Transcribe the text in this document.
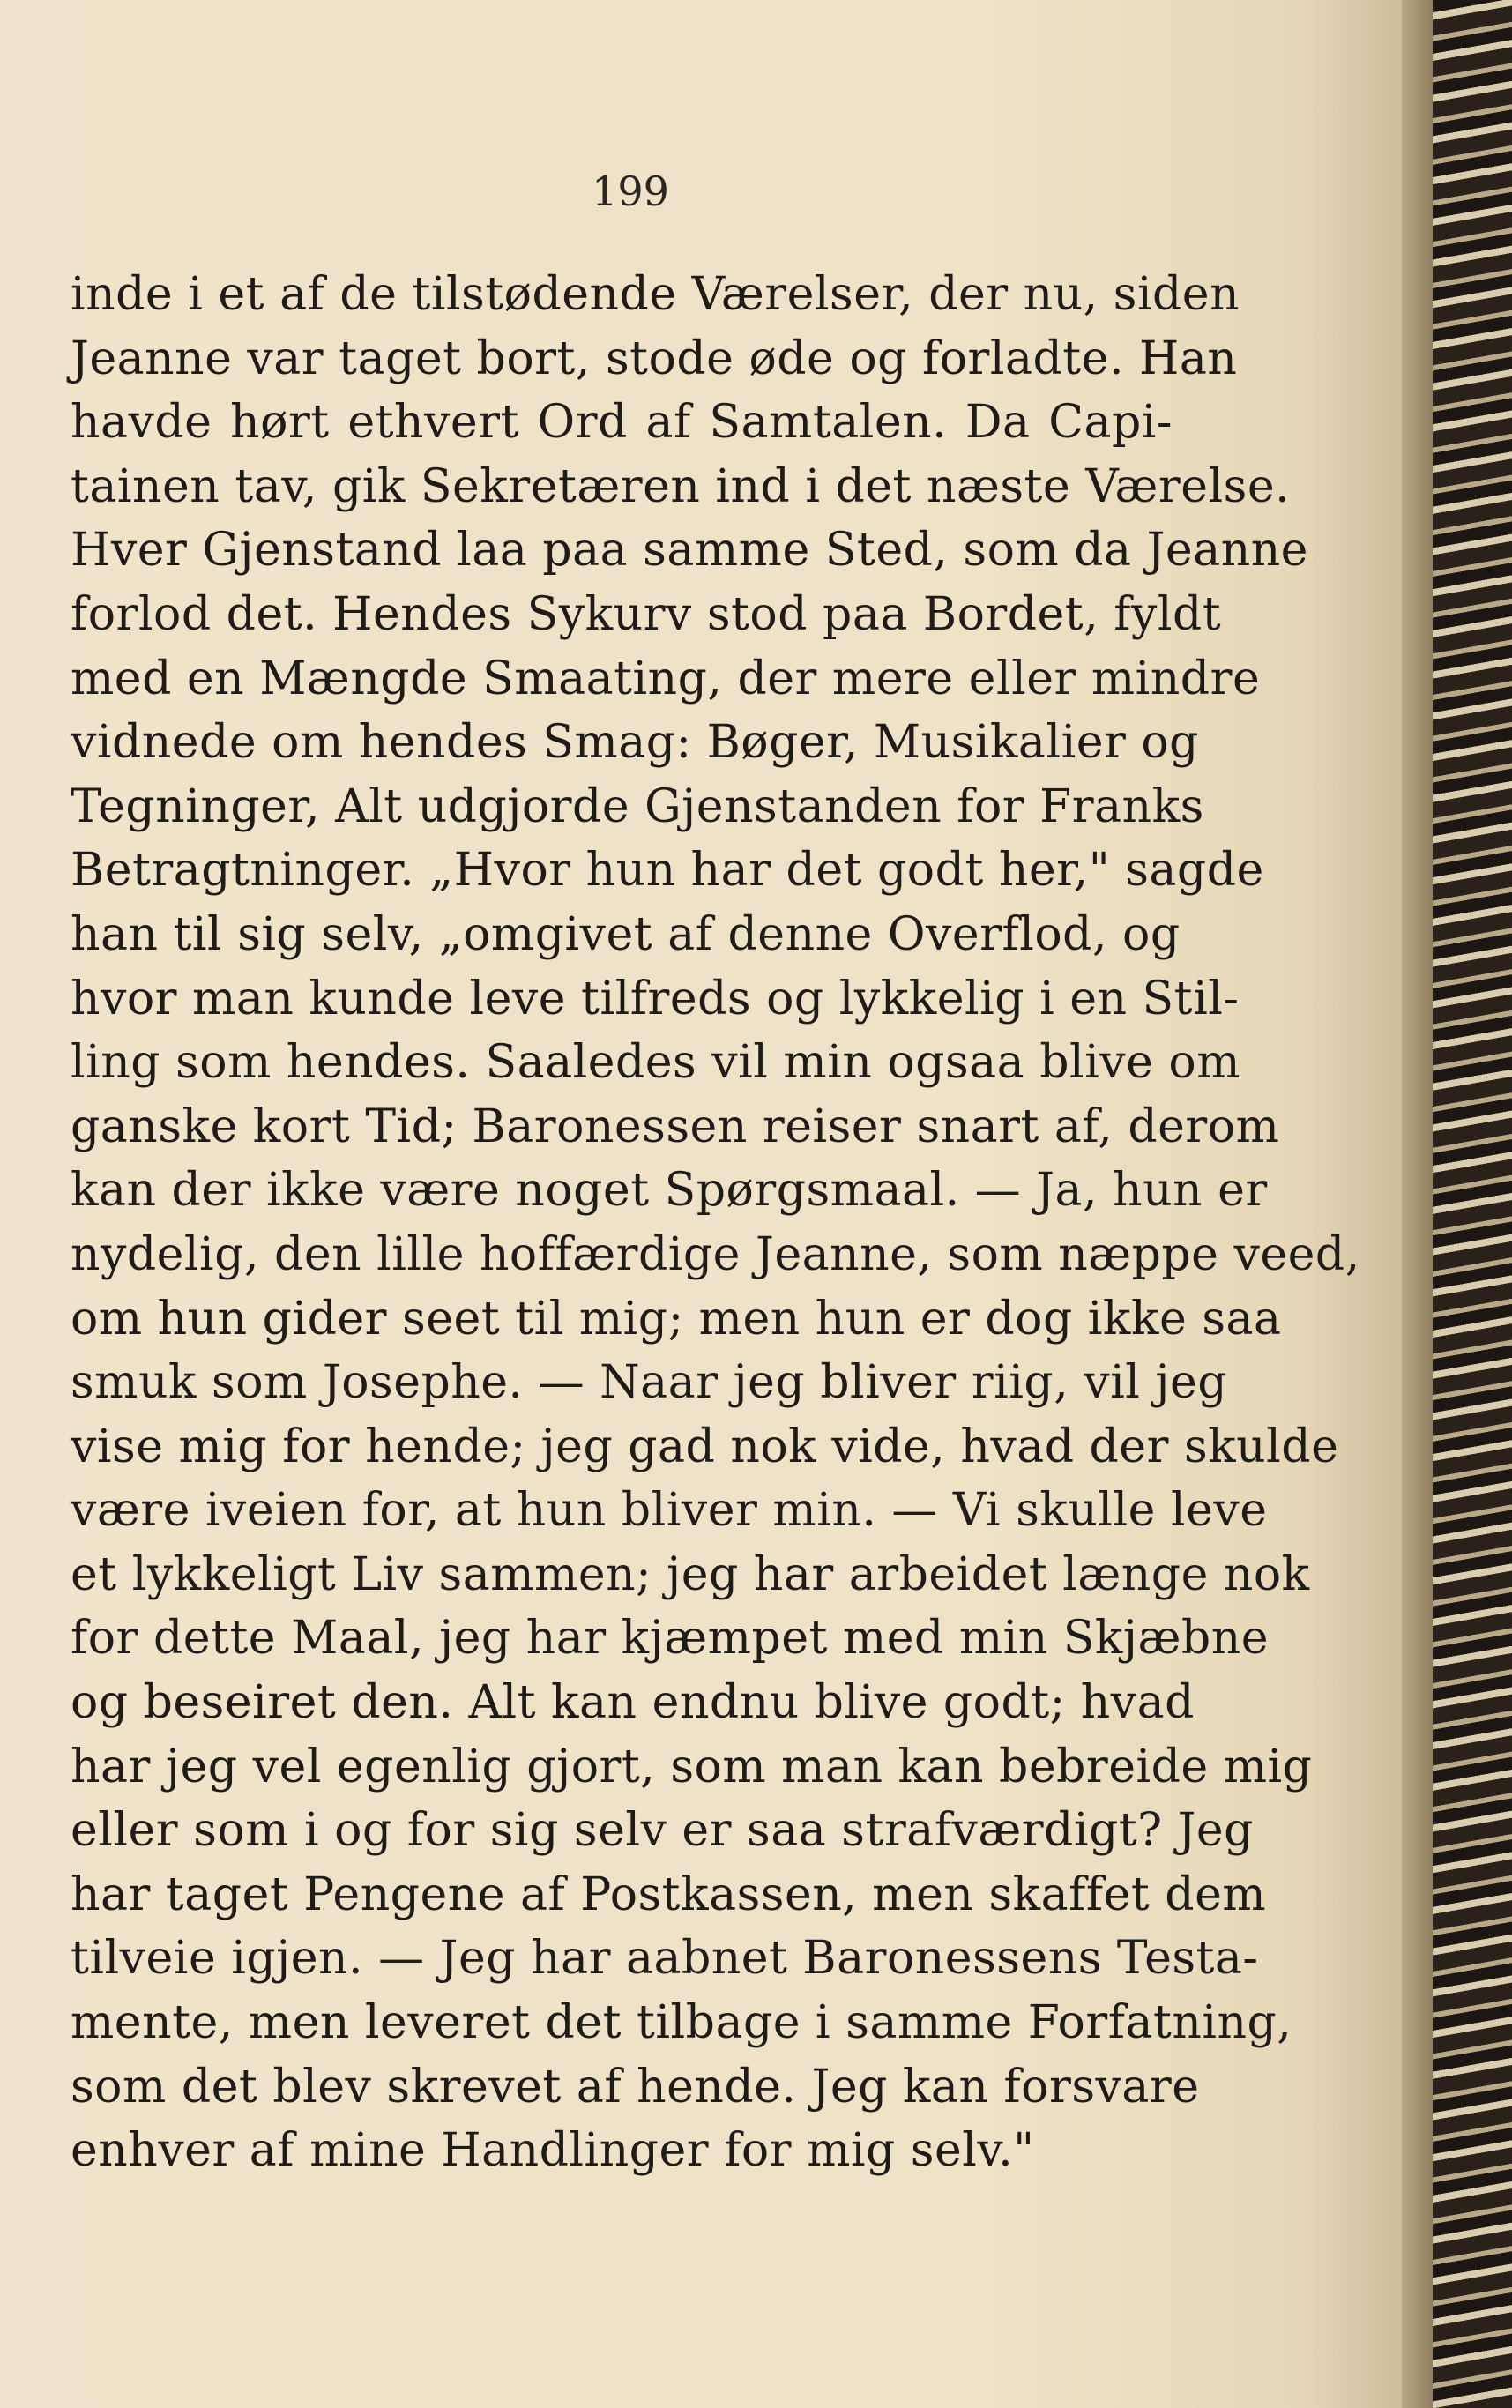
199
inde i et af de tilstødende Værelser, der nu, siden
Jeanne var taget bort, stode øde og forladte. Han
havde hørt ethvert Ord af Samtalen. Da Capi-
tainen tav, gik Sekretæren ind i det næste Værelse.
Hver Gjenstand laa paa samme Sted, som da Jeanne
forlod det. Hendes Sykurv stod paa Bordet, fyldt
med en Mængde Smaating, der mere eller mindre
vidnede om hendes Smag: Bøger, Musikalier og
Tegninger, Alt udgjorde Gjenstanden for Franks
Betragtninger. „Hvor hun har det godt her," sagde
han til sig selv, „omgivet af denne Overflod, og
hvor man kunde leve tilfreds og lykkelig i en Stil-
ling som hendes. Saaledes vil min ogsaa blive om
ganske kort Tid; Baronessen reiser snart af, derom
kan der ikke være noget Spørgsmaal. — Ja, hun er
nydelig, den lille hoffærdige Jeanne, som næppe veed,
om hun gider seet til mig; men hun er dog ikke saa
smuk som Josephe. — Naar jeg bliver riig, vil jeg
vise mig for hende; jeg gad nok vide, hvad der skulde
være iveien for, at hun bliver min. — Vi skulle leve
et lykkeligt Liv sammen; jeg har arbeidet længe nok
for dette Maal, jeg har kjæmpet med min Skjæbne
og beseiret den. Alt kan endnu blive godt; hvad
har jeg vel egenlig gjort, som man kan bebreide mig
eller som i og for sig selv er saa strafværdigt? Jeg
har taget Pengene af Postkassen, men skaffet dem
tilveie igjen. — Jeg har aabnet Baronessens Testa-
mente, men leveret det tilbage i samme Forfatning,
som det blev skrevet af hende. Jeg kan forsvare
enhver af mine Handlinger for mig selv."
